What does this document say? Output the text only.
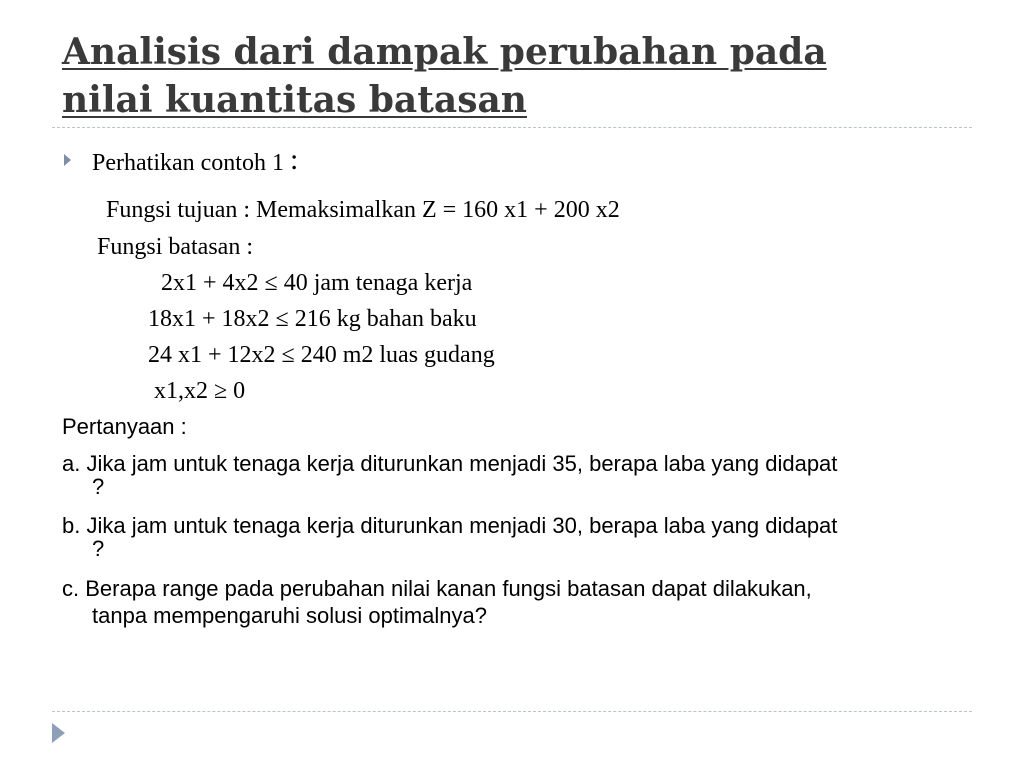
Analisis dari dampak perubahan pada
nilai kuantitas batasan
Perhatikan contoh 1 :
Fungsi tujuan : Memaksimalkan Z = 160 x1 + 200 x2
Fungsi batasan :
2x1 + 4x2 ≤ 40 jam tenaga kerja
18x1 + 18x2 ≤ 216 kg bahan baku
24 x1 + 12x2 ≤ 240 m2 luas gudang
x1,x2 ≥ 0
Pertanyaan :
a. Jika jam untuk tenaga kerja diturunkan menjadi 35, berapa laba yang didapat
?
b. Jika jam untuk tenaga kerja diturunkan menjadi 30, berapa laba yang didapat
?
c. Berapa range pada perubahan nilai kanan fungsi batasan dapat dilakukan,
tanpa mempengaruhi solusi optimalnya?
